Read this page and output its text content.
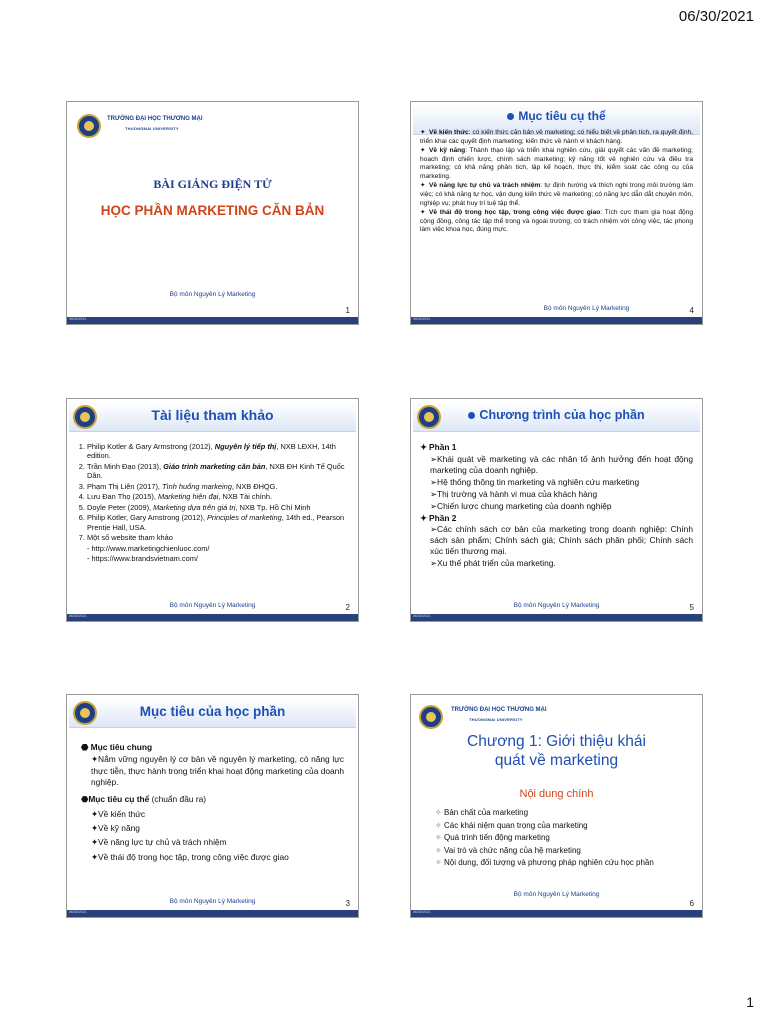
06/30/2021
TRƯỜNG ĐẠI HỌC THƯƠNG MẠI
THUONGMAI UNIVERSITY
BÀI GIẢNG ĐIỆN TỬ
HỌC PHẦN MARKETING CĂN BẢN
Bộ môn Nguyên Lý Marketing
1
06/30/2021
Mục tiêu cụ thể

✦ Về kiến thức: có kiến thức căn bản về marketing; có hiểu biết về phân tích, ra quyết định, triển khai các quyết định marketing; kiến thức về hành vi khách hàng.

✦ Về kỹ năng: Thành thạo lập và triển khai nghiên cứu, giải quyết các vấn đề marketing; hoạch định chiến lược, chính sách marketing; kỹ năng tốt về nghiên cứu và điều tra marketing; có khả năng phân tích, lập kế hoạch, thực thi, kiểm soát các công cụ của marketing.

✦ Về năng lực tự chủ và trách nhiệm: tự định hướng và thích nghi trong môi trường làm việc; có khả năng tự học, vận dụng kiến thức về marketing; có năng lực dẫn dắt chuyên môn, nghiệp vụ; phát huy trí tuệ tập thể.

✦ Về thái độ trong học tập, trong công việc được giao: Tích cực tham gia hoạt động cộng đồng, công tác tập thể trong và ngoài trường; có trách nhiệm với công việc, tác phong làm việc khoa học, đúng mực.

Bộ môn Nguyên Lý Marketing	4
06/30/2021
Tài liệu tham khảo
1. Philip Kotler & Gary Armstrong (2012), Nguyên lý tiếp thị, NXB LĐXH, 14th edition.
2. Trần Minh Đạo (2013), Giáo trình marketing căn bản, NXB ĐH Kinh Tế Quốc Dân.
3. Phạm Thị Liên (2017), Tình huống markeing, NXB ĐHQG.
4. Lưu Đan Thọ (2015), Marketing hiện đại, NXB Tài chính.
5. Doyle Peter (2009), Marketing dựa trên giá trị, NXB Tp. Hồ Chí Minh
6. Philip Kotler, Gary Amstrong (2012), Principles of marketing, 14th ed., Pearson Prentie Hall, USA.
7. Một số website tham khảo

- http://www.marketingchienluoc.com/

- https://www.brandsvietnam.com/

Bộ môn Nguyên Lý Marketing	2
06/30/2021
Chương trình của học phần

✦ Phần 1

➢Khái quát về marketing và các nhân tố ảnh hưởng đến hoạt động marketing của doanh nghiệp.

➢Hệ thống thông tin marketing và nghiên cứu marketing

➢Thị trường và hành vi mua của khách hàng

➢Chiến lược chung marketing của doanh nghiệp

✦ Phần 2

➢Các chính sách cơ bản của marketing trong doanh nghiệp: Chính sách sản phẩm; Chính sách giá; Chính sách phân phối; Chính sách xúc tiến thương mại.

➢Xu thế phát triển của marketing.

Bộ môn Nguyên Lý Marketing	5
06/30/2021
Mục tiêu của học phần

⬣ Mục tiêu chung

✦Nắm vững nguyên lý cơ bản về nguyên lý marketing, có năng lực thực tiễn, thực hành trong triển khai hoạt động marketing của doanh nghiệp.

⬣Mục tiêu cụ thể (chuẩn đầu ra)

✦Về kiến thức

✦Về kỹ năng

✦Về năng lực tự chủ và trách nhiệm

✦Về thái độ trong học tập, trong công việc được giao

Bộ môn Nguyên Lý Marketing	3
06/30/2021
TRƯỜNG ĐẠI HỌC THƯƠNG MẠI
THUONGMAI UNIVERSITY
Chương 1: Giới thiệu khái quát về marketing
Nội dung chính

✧ Bản chất của marketing

✧ Các khái niệm quan trọng của marketing

✧ Quá trình tiến động marketing

✧ Vai trò và chức năng của hệ marketing

✧ Nội dung, đối tượng và phương pháp nghiên cứu học phần

Bộ môn Nguyên Lý Marketing
6
06/30/2021
1
